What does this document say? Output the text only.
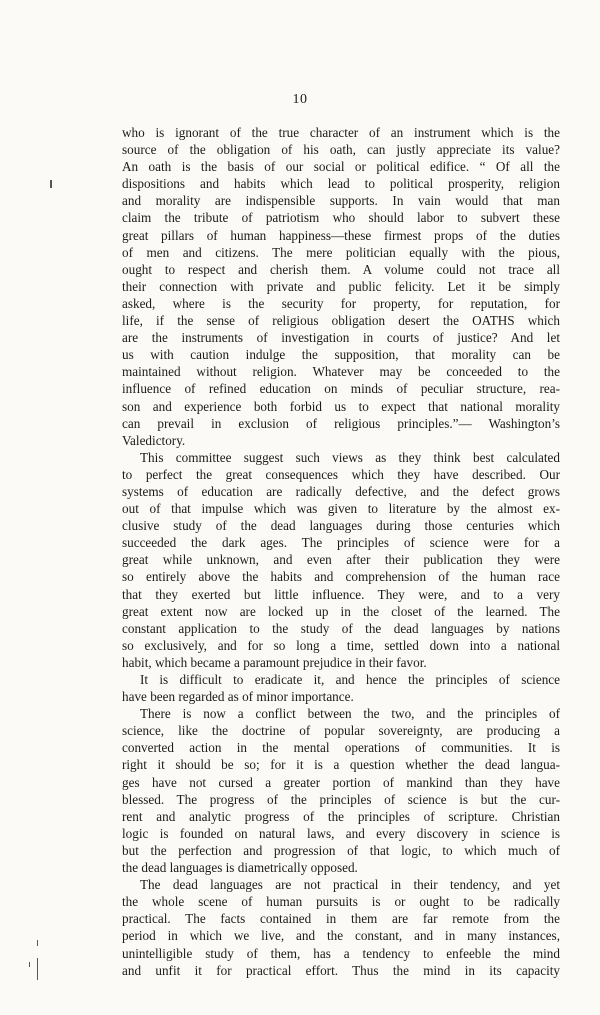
10
who is ignorant of the true character of an instrument which is the
source of the obligation of his oath, can justly appreciate its value?
An oath is the basis of our social or political edifice. “ Of all the
dispositions and habits which lead to political prosperity, religion
and morality are indispensible supports. In vain would that man
claim the tribute of patriotism who should labor to subvert these
great pillars of human happiness—these firmest props of the duties
of men and citizens. The mere politician equally with the pious,
ought to respect and cherish them. A volume could not trace all
their connection with private and public felicity. Let it be simply
asked, where is the security for property, for reputation, for
life, if the sense of religious obligation desert the OATHS which
are the instruments of investigation in courts of justice? And let
us with caution indulge the supposition, that morality can be
maintained without religion. Whatever may be conceeded to the
influence of refined education on minds of peculiar structure, rea-
son and experience both forbid us to expect that national morality
can prevail in exclusion of religious principles.”— Washington’s
Valedictory.
This committee suggest such views as they think best calculated
to perfect the great consequences which they have described. Our
systems of education are radically defective, and the defect grows
out of that impulse which was given to literature by the almost ex-
clusive study of the dead languages during those centuries which
succeeded the dark ages. The principles of science were for a
great while unknown, and even after their publication they were
so entirely above the habits and comprehension of the human race
that they exerted but little influence. They were, and to a very
great extent now are locked up in the closet of the learned. The
constant application to the study of the dead languages by nations
so exclusively, and for so long a time, settled down into a national
habit, which became a paramount prejudice in their favor.
It is difficult to eradicate it, and hence the principles of science
have been regarded as of minor importance.
There is now a conflict between the two, and the principles of
science, like the doctrine of popular sovereignty, are producing a
converted action in the mental operations of communities. It is
right it should be so; for it is a question whether the dead langua-
ges have not cursed a greater portion of mankind than they have
blessed. The progress of the principles of science is but the cur-
rent and analytic progress of the principles of scripture. Christian
logic is founded on natural laws, and every discovery in science is
but the perfection and progression of that logic, to which much of
the dead languages is diametrically opposed.
The dead languages are not practical in their tendency, and yet
the whole scene of human pursuits is or ought to be radically
practical. The facts contained in them are far remote from the
period in which we live, and the constant, and in many instances,
unintelligible study of them, has a tendency to enfeeble the mind
and unfit it for practical effort. Thus the mind in its capacity
